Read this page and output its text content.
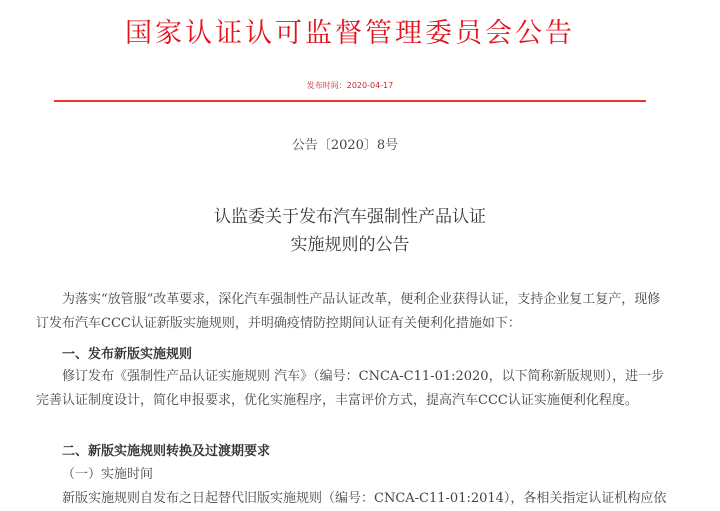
国家认证认可监督管理委员会公告
发布时间：2020-04-17
公告〔2020〕8号
认监委关于发布汽车强制性产品认证
实施规则的公告

为落实“放管服”改革要求，深化汽车强制性产品认证改革，便利企业获得认证，支持企业复工复产，现修订发布汽车CCC认证新版实施规则，并明确疫情防控期间认证有关便利化措施如下：

一、发布新版实施规则

修订发布《强制性产品认证实施规则 汽车》（编号：CNCA-C11-01:2020，以下简称新版规则），进一步完善认证制度设计，简化申报要求，优化实施程序，丰富评价方式，提高汽车CCC认证实施便利化程度。

二、新版实施规则转换及过渡期要求
（一）实施时间

新版实施规则自发布之日起替代旧版实施规则（编号：CNCA-C11-01:2014），各相关指定认证机构应依
